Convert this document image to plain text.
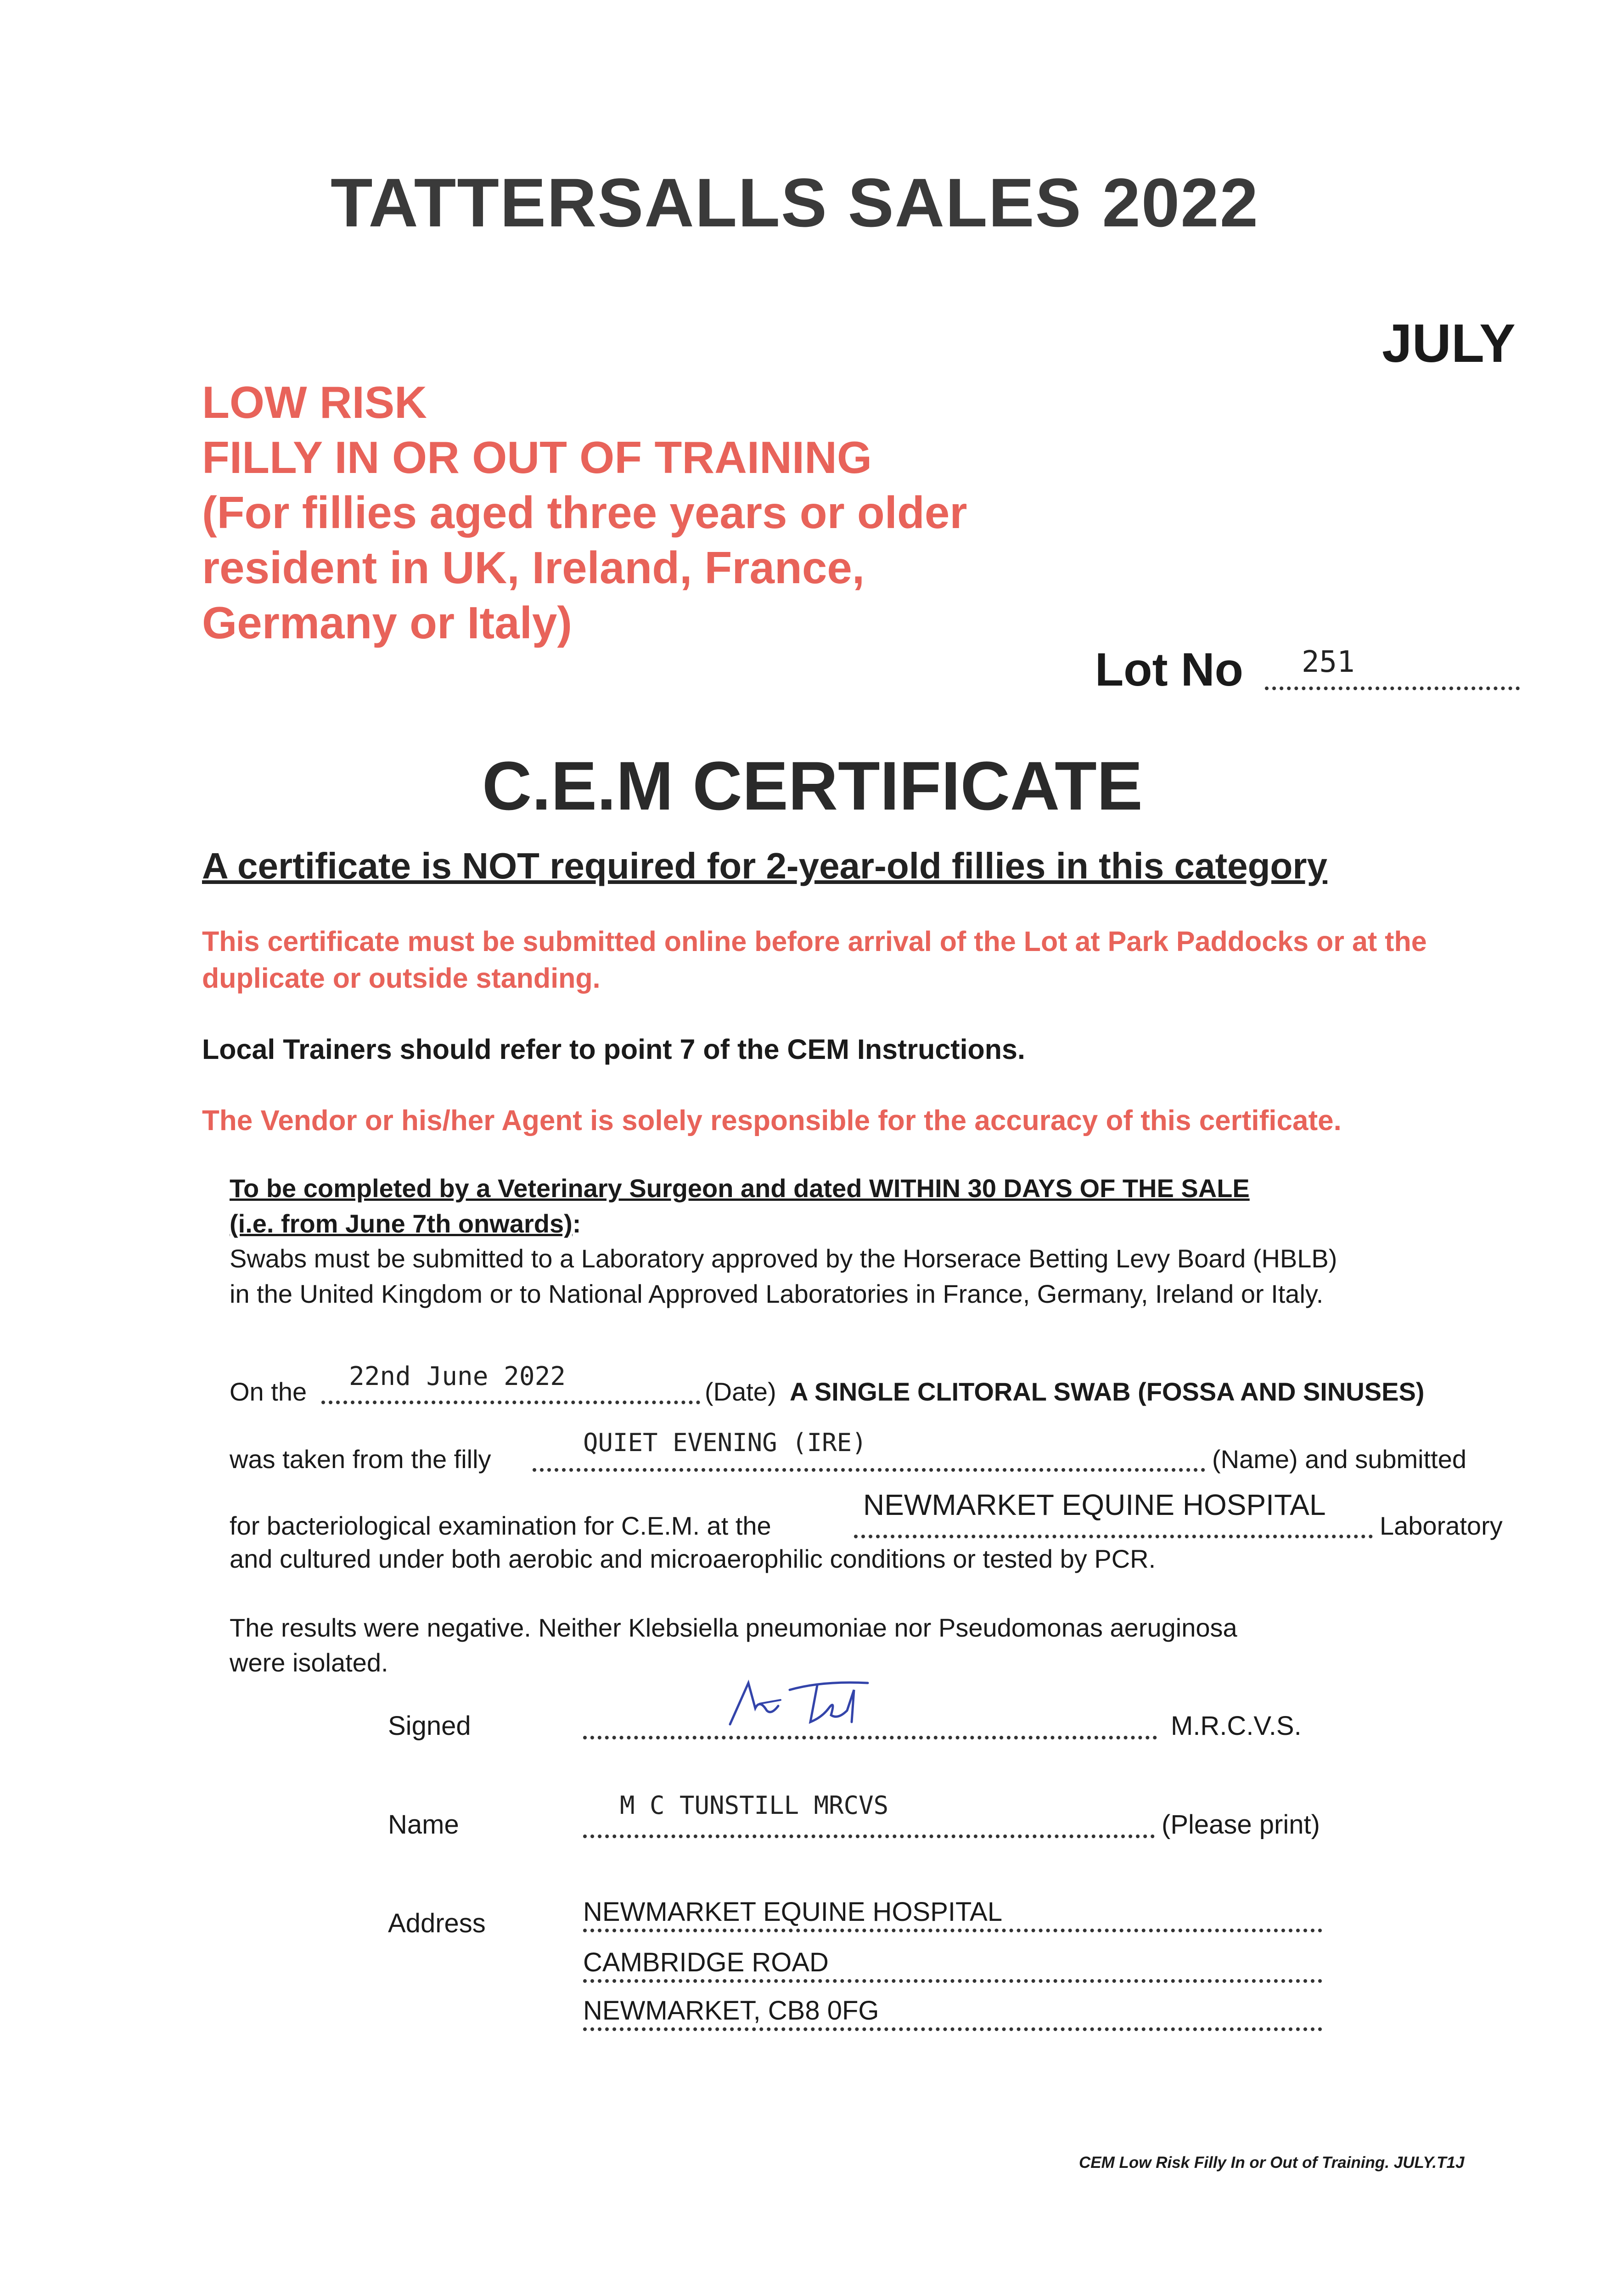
TATTERSALLS SALES 2022
JULY
LOW RISK
FILLY IN OR OUT OF TRAINING
(For fillies aged three years or older
resident in UK, Ireland, France,
Germany or Italy)
Lot No 251
C.E.M CERTIFICATE
A certificate is NOT required for 2-year-old fillies in this category
This certificate must be submitted online before arrival of the Lot at Park Paddocks or at the duplicate or outside standing.
Local Trainers should refer to point 7 of the CEM Instructions.
The Vendor or his/her Agent is solely responsible for the accuracy of this certificate.
To be completed by a Veterinary Surgeon and dated WITHIN 30 DAYS OF THE SALE
(i.e. from June 7th onwards):
Swabs must be submitted to a Laboratory approved by the Horserace Betting Levy Board (HBLB)
in the United Kingdom or to National Approved Laboratories in France, Germany, Ireland or Italy.
On the
22nd June 2022
(Date) A SINGLE CLITORAL SWAB (FOSSA AND SINUSES)
was taken from the filly
QUIET EVENING (IRE)
(Name) and submitted
for bacteriological examination for C.E.M. at the
NEWMARKET EQUINE HOSPITAL
Laboratory
and cultured under both aerobic and microaerophilic conditions or tested by PCR.
The results were negative. Neither Klebsiella pneumoniae nor Pseudomonas aeruginosa
were isolated.
Signed	M.R.C.V.S.
Name
M C TUNSTILL MRCVS
(Please print)
Address	NEWMARKET EQUINE HOSPITAL
CAMBRIDGE ROAD
NEWMARKET, CB8 0FG
CEM Low Risk Filly In or Out of Training. JULY.T1J
